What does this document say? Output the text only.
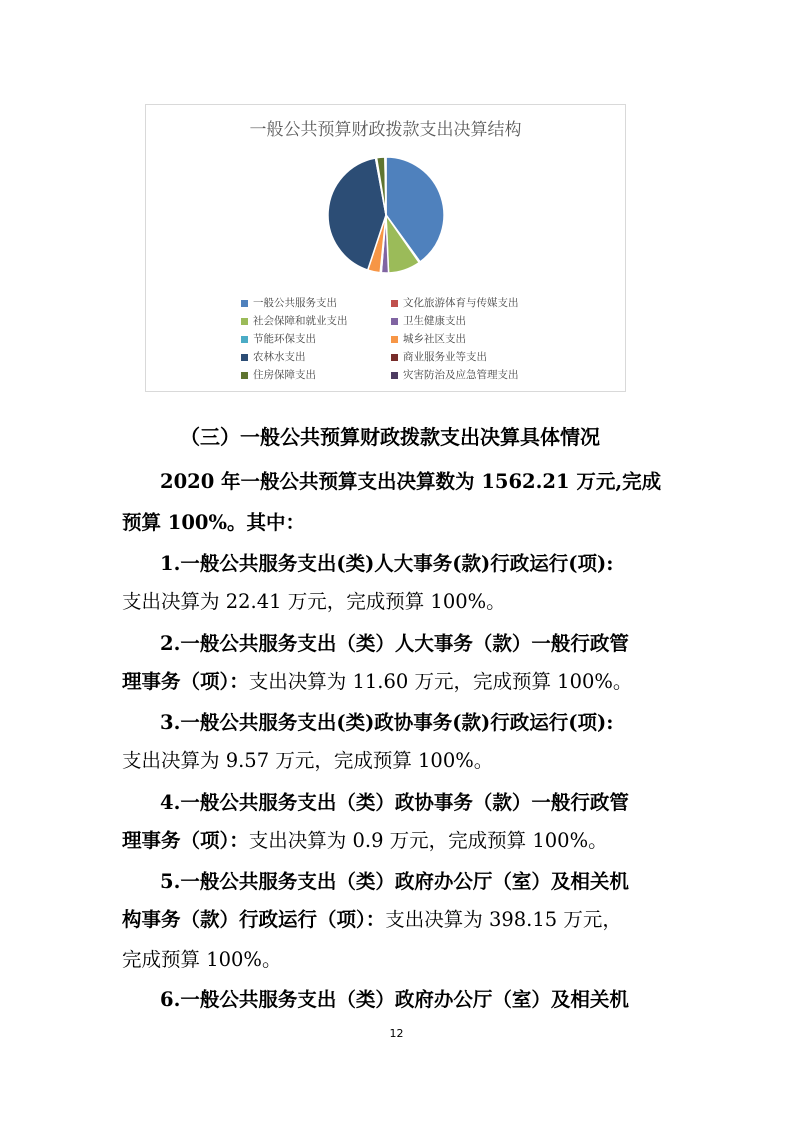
一般公共预算财政拨款支出决算结构
一般公共服务支出	文化旅游体育与传媒支出
社会保障和就业支出	卫生健康支出
节能环保支出	城乡社区支出
农林水支出	商业服务业等支出
住房保障支出	灾害防治及应急管理支出
（三）一般公共预算财政拨款支出决算具体情况
2020 年一般公共预算支出决算数为 1562.21 万元,完成
预算 100%。其中：
1.一般公共服务支出(类)人大事务(款)行政运行(项):
支出决算为 22.41 万元，完成预算 100%。
2.一般公共服务支出（类）人大事务（款）一般行政管
理事务（项）：支出决算为 11.60 万元，完成预算 100%。
3.一般公共服务支出(类)政协事务(款)行政运行(项):
支出决算为 9.57 万元，完成预算 100%。
4.一般公共服务支出（类）政协事务（款）一般行政管
理事务（项）：支出决算为 0.9 万元，完成预算 100%。
5.一般公共服务支出（类）政府办公厅（室）及相关机
构事务（款）行政运行（项）：支出决算为 398.15 万元，
完成预算 100%。
6.一般公共服务支出（类）政府办公厅（室）及相关机
12
